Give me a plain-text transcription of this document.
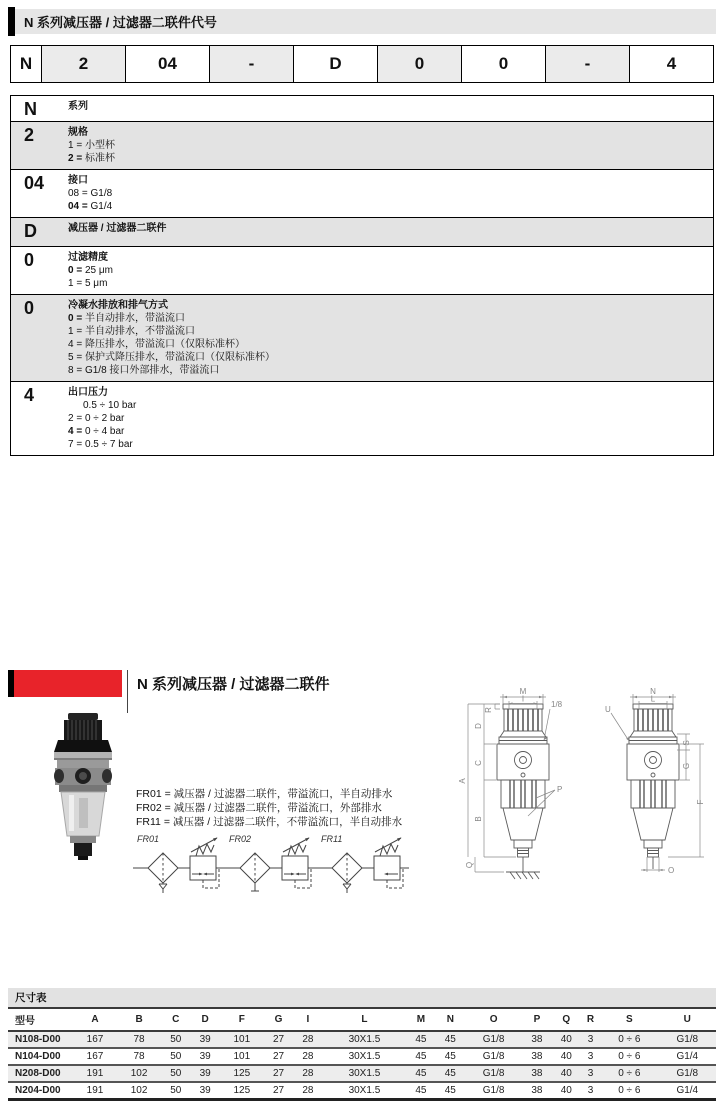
N 系列减压器 / 过滤器二联件代号
N	2	04	-	D	0	0	-	4
N	系列
2	规格
1 = 小型杯
2 = 标准杯
04	接口
08 = G1/8
04 = G1/4
D	减压器 / 过滤器二联件
0	过滤精度
0 = 25 μm
1 = 5 μm
0	冷凝水排放和排气方式
0 = 半自动排水，带溢流口
1 = 半自动排水，不带溢流口
4 = 降压排水，带溢流口（仅限标准杯）
5 = 保护式降压排水，带溢流口（仅限标准杯）
8 = G1/8 接口外部排水，带溢流口
4	出口压力
0.5 ÷ 10 bar
2 = 0 ÷ 2 bar
4 = 0 ÷ 4 bar
7 = 0.5 ÷ 7 bar
N 系列减压器 / 过滤器二联件
FR01 = 减压器 / 过滤器二联件，带溢流口，半自动排水
FR02 = 减压器 / 过滤器二联件，带溢流口，外部排水
FR11 = 减压器 / 过滤器二联件，不带溢流口，半自动排水
FR01	FR02	FR11
M
I
R
D
C
A
B
Q
1/8
P
N
L
U
S
G
F
O
尺寸表
型号	A	B	C	D	F	G	I	L	M	N	O	P	Q	R	S	U
N108-D00	167	78	50	39	101	27	28	30X1.5	45	45	G1/8	38	40	3	0 ÷ 6	G1/8
N104-D00	167	78	50	39	101	27	28	30X1.5	45	45	G1/8	38	40	3	0 ÷ 6	G1/4
N208-D00	191	102	50	39	125	27	28	30X1.5	45	45	G1/8	38	40	3	0 ÷ 6	G1/8
N204-D00	191	102	50	39	125	27	28	30X1.5	45	45	G1/8	38	40	3	0 ÷ 6	G1/4
